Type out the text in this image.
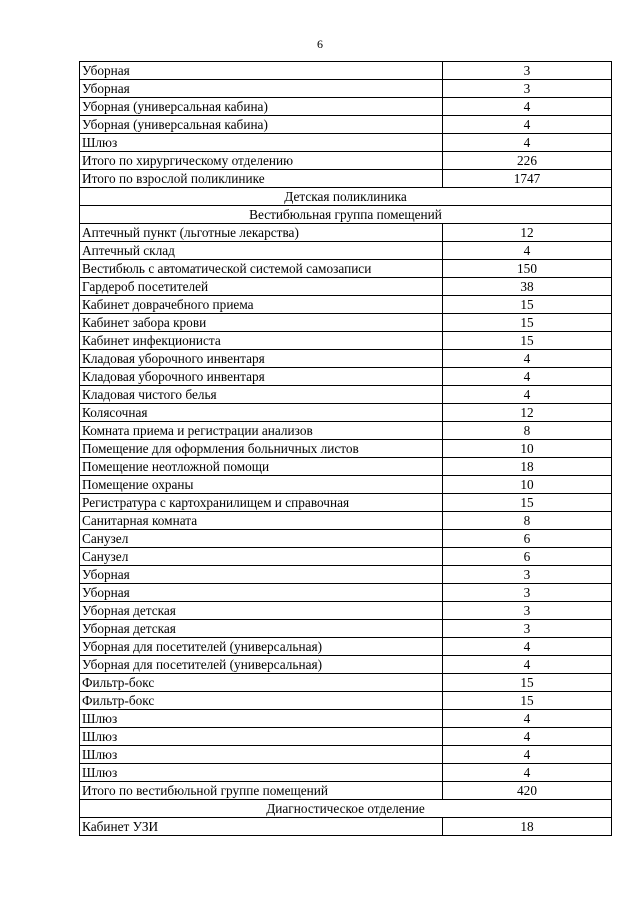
6
Уборная	3
Уборная	3
Уборная (универсальная кабина)	4
Уборная (универсальная кабина)	4
Шлюз	4
Итого по хирургическому отделению	226
Итого по взрослой поликлинике	1747
Детская поликлиника	
Вестибюльная группа помещений	
Аптечный пункт (льготные лекарства)	12
Аптечный склад	4
Вестибюль с автоматической системой самозаписи	150
Гардероб посетителей	38
Кабинет доврачебного приема	15
Кабинет забора крови	15
Кабинет инфекциониста	15
Кладовая уборочного инвентаря	4
Кладовая уборочного инвентаря	4
Кладовая чистого белья	4
Колясочная	12
Комната приема и регистрации анализов	8
Помещение для оформления больничных листов	10
Помещение неотложной помощи	18
Помещение охраны	10
Регистратура с картохранилищем и справочная	15
Санитарная комната	8
Санузел	6
Санузел	6
Уборная	3
Уборная	3
Уборная детская	3
Уборная детская	3
Уборная для посетителей (универсальная)	4
Уборная для посетителей (универсальная)	4
Фильтр-бокс	15
Фильтр-бокс	15
Шлюз	4
Шлюз	4
Шлюз	4
Шлюз	4
Итого по вестибюльной группе помещений	420
Диагностическое отделение	
Кабинет УЗИ	18
